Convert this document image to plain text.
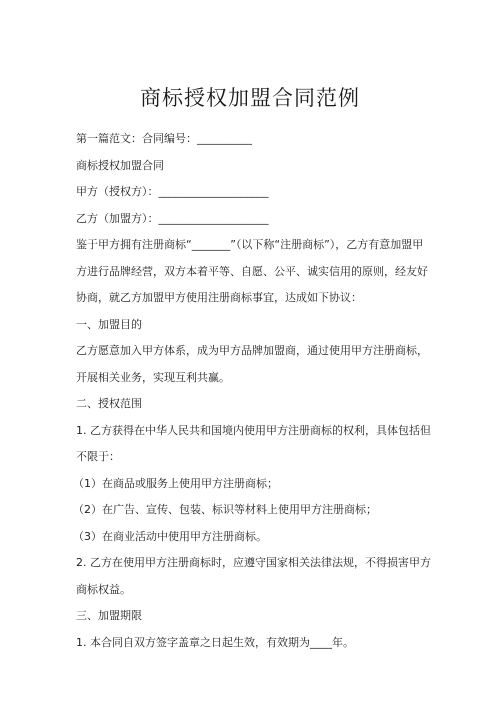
商标授权加盟合同范例

第一篇范文：合同编号：__________

商标授权加盟合同

甲方（授权方）：____________________

乙方（加盟方）：____________________

鉴于甲方拥有注册商标“_______”（以下称“注册商标”），乙方有意加盟甲方进行品牌经营，双方本着平等、自愿、公平、诚实信用的原则，经友好协商，就乙方加盟甲方使用注册商标事宜，达成如下协议：

一、加盟目的

乙方愿意加入甲方体系，成为甲方品牌加盟商，通过使用甲方注册商标，开展相关业务，实现互利共赢。

二、授权范围

1. 乙方获得在中华人民共和国境内使用甲方注册商标的权利，具体包括但不限于：

（1）在商品或服务上使用甲方注册商标；

（2）在广告、宣传、包装、标识等材料上使用甲方注册商标；

（3）在商业活动中使用甲方注册商标。

2. 乙方在使用甲方注册商标时，应遵守国家相关法律法规，不得损害甲方商标权益。

三、加盟期限

1. 本合同自双方签字盖章之日起生效，有效期为____年。
